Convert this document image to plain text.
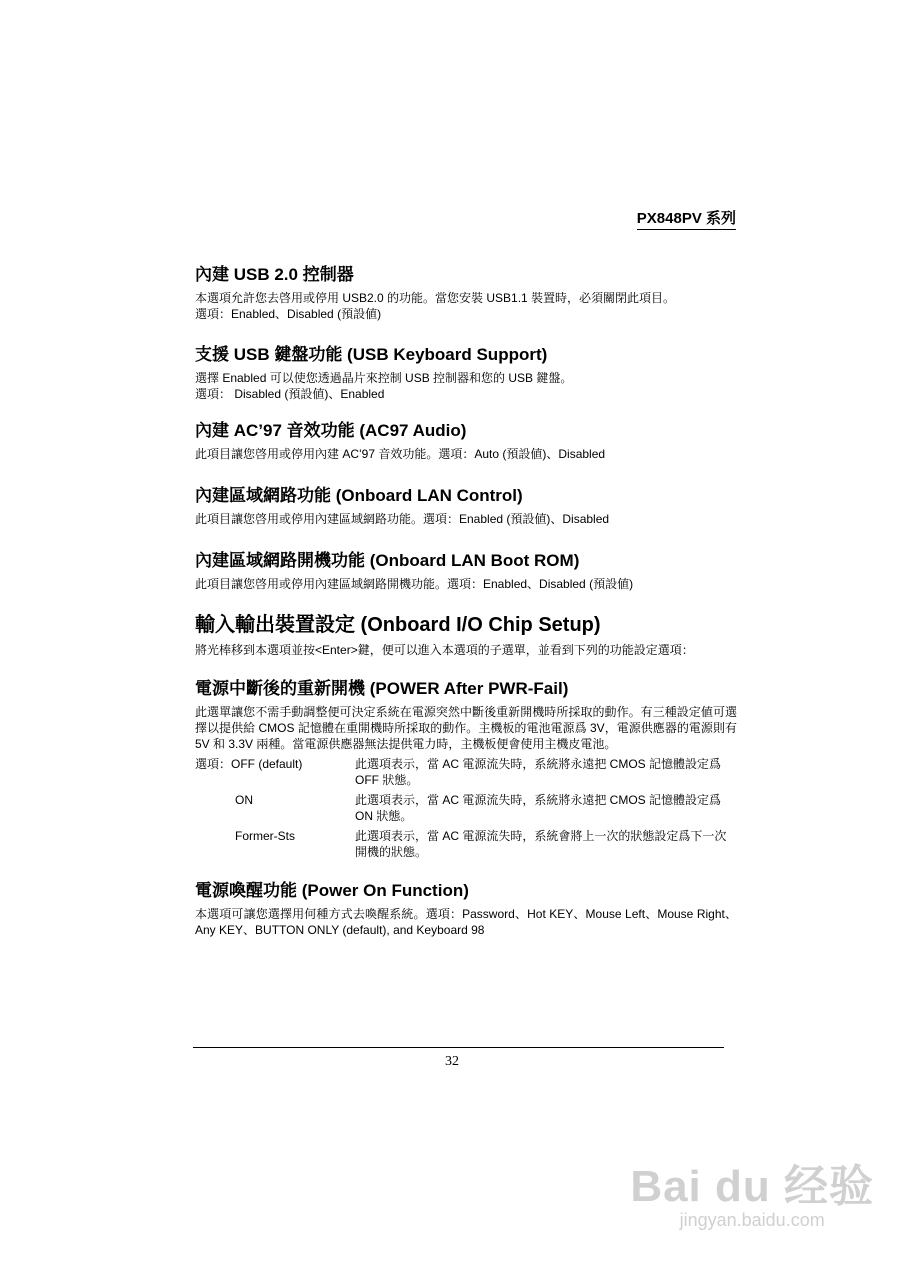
PX848PV 系列
內建 USB 2.0 控制器

本選項允許您去啓用或停用 USB2.0 的功能。當您安裝 USB1.1 裝置時，必須關閉此項目。

選項：Enabled、Disabled (預設値)

支援 USB 鍵盤功能 (USB Keyboard Support)

選擇 Enabled 可以使您透過晶片來控制 USB 控制器和您的 USB 鍵盤。

選項： Disabled (預設値)、Enabled

內建 AC’97 音效功能 (AC97 Audio)

此項目讓您啓用或停用內建 AC’97 音效功能。選項：Auto (預設値)、Disabled

內建區域網路功能 (Onboard LAN Control)

此項目讓您啓用或停用內建區域網路功能。選項：Enabled (預設値)、Disabled

內建區域網路開機功能 (Onboard LAN Boot ROM)

此項目讓您啓用或停用內建區域網路開機功能。選項：Enabled、Disabled (預設値)

輸入輸出裝置設定 (Onboard I/O Chip Setup)

將光棒移到本選項並按<Enter>鍵，便可以進入本選項的子選單，並看到下列的功能設定選項：

電源中斷後的重新開機 (POWER After PWR-Fail)

此選單讓您不需手動調整便可決定系統在電源突然中斷後重新開機時所採取的動作。有三種設定値可選擇以提供給 CMOS 記憶體在重開機時所採取的動作。主機板的電池電源爲 3V，電源供應器的電源則有 5V 和 3.3V 兩種。當電源供應器無法提供電力時，主機板便會使用主機皮電池。

選項：OFF (default)	此選項表示，當 AC 電源流失時，系統將永遠把 CMOS 記憶體設定爲 OFF 狀態。
ON	此選項表示，當 AC 電源流失時，系統將永遠把 CMOS 記憶體設定爲 ON 狀態。
Former-Sts	此選項表示，當 AC 電源流失時，系統會將上一次的狀態設定爲下一次開機的狀態。
電源喚醒功能 (Power On Function)

本選項可讓您選擇用何種方式去喚醒系統。選項：Password、Hot KEY、Mouse Left、Mouse Right、Any KEY、BUTTON ONLY (default), and Keyboard 98

32
Bai du 经验
jingyan.baidu.com
